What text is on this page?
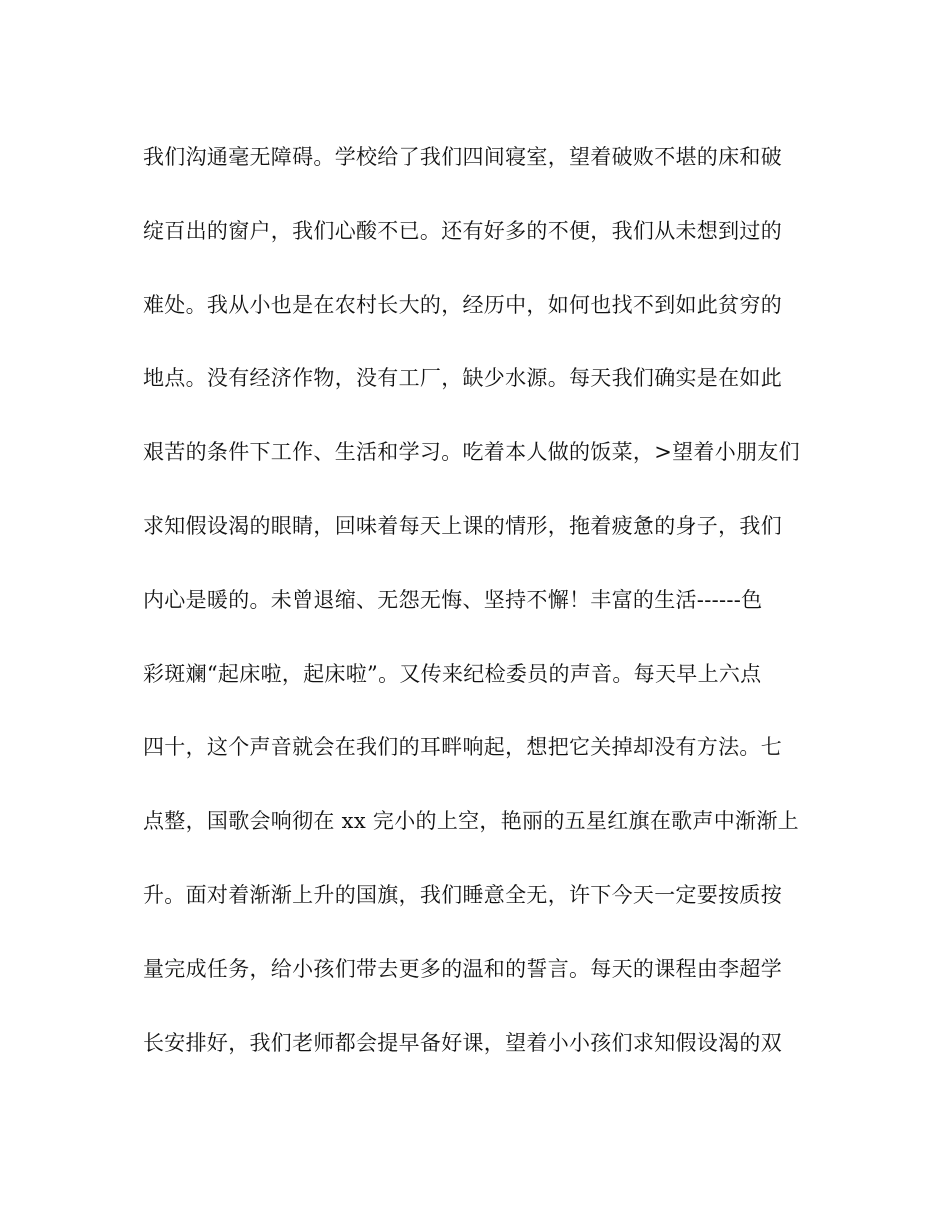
我们沟通毫无障碍。学校给了我们四间寝室，望着破败不堪的床和破
绽百出的窗户，我们心酸不已。还有好多的不便，我们从未想到过的
难处。我从小也是在农村长大的，经历中，如何也找不到如此贫穷的
地点。没有经济作物，没有工厂，缺少水源。每天我们确实是在如此
艰苦的条件下工作、生活和学习。吃着本人做的饭菜，>望着小朋友们
求知假设渴的眼睛，回味着每天上课的情形，拖着疲惫的身子，我们
内心是暖的。未曾退缩、无怨无悔、坚持不懈！丰富的生活------色
彩斑斓“起床啦，起床啦”。又传来纪检委员的声音。每天早上六点
四十，这个声音就会在我们的耳畔响起，想把它关掉却没有方法。七
点整，国歌会响彻在 xx 完小的上空，艳丽的五星红旗在歌声中渐渐上
升。面对着渐渐上升的国旗，我们睡意全无，许下今天一定要按质按
量完成任务，给小孩们带去更多的温和的誓言。每天的课程由李超学
长安排好，我们老师都会提早备好课，望着小小孩们求知假设渴的双
